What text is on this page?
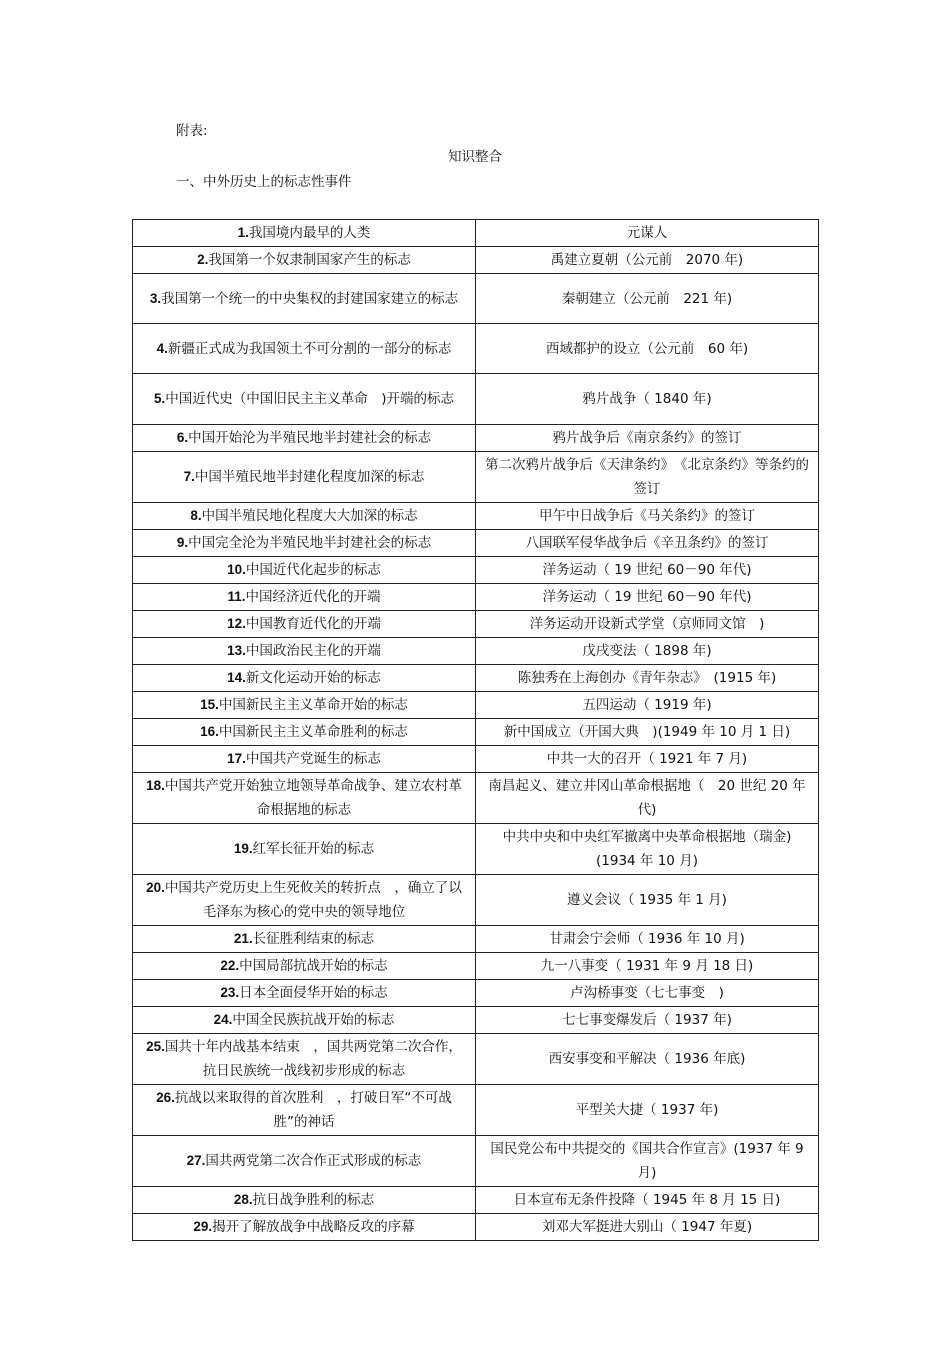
附表:
知识整合
一、中外历史上的标志性事件
1.我国境内最早的人类	元谋人
2.我国第一个奴隶制国家产生的标志	禹建立夏朝（公元前　2070 年)
3.我国第一个统一的中央集权的封建国家建立的标志	秦朝建立（公元前　221 年)
4.新疆正式成为我国领土不可分割的一部分的标志	西域都护的设立（公元前　60 年)
5.中国近代史（中国旧民主主义革命　)开端的标志	鸦片战争（ 1840 年)
6.中国开始沦为半殖民地半封建社会的标志	鸦片战争后《南京条约》的签订
7.中国半殖民地半封建化程度加深的标志	第二次鸦片战争后《天津条约》　《北京条约》等条约的签订
8.中国半殖民地化程度大大加深的标志	甲午中日战争后《马关条约》的签订
9.中国完全沦为半殖民地半封建社会的标志	八国联军侵华战争后《辛丑条约》的签订
10.中国近代化起步的标志	洋务运动（ 19 世纪 60－90 年代)
11.中国经济近代化的开端	洋务运动（ 19 世纪 60－90 年代)
12.中国教育近代化的开端	洋务运动开设新式学堂（京师同文馆　)
13.中国政治民主化的开端	戊戌变法（ 1898 年)
14.新文化运动开始的标志	陈独秀在上海创办《青年杂志》　(1915 年)
15.中国新民主主义革命开始的标志	五四运动（ 1919 年)
16.中国新民主主义革命胜利的标志	新中国成立（开国大典　)(1949 年 10 月 1 日)
17.中国共产党诞生的标志	中共一大的召开（ 1921 年 7 月)
18.中国共产党开始独立地领导革命战争、建立农村革命根据地的标志	南昌起义、建立井冈山革命根据地（　20 世纪 20 年代)
19.红军长征开始的标志	中共中央和中央红军撤离中央革命根据地（瑞金)(1934 年 10 月)
20.中国共产党历史上生死攸关的转折点　，确立了以毛泽东为核心的党中央的领导地位	遵义会议（ 1935 年 1 月)
21.长征胜利结束的标志	甘肃会宁会师（ 1936 年 10 月)
22.中国局部抗战开始的标志	九一八事变（ 1931 年 9 月 18 日)
23.日本全面侵华开始的标志	卢沟桥事变（七七事变　)
24.中国全民族抗战开始的标志	七七事变爆发后（ 1937 年)
25.国共十年内战基本结束　，国共两党第二次合作，抗日民族统一战线初步形成的标志	西安事变和平解决（ 1936 年底)
26.抗战以来取得的首次胜利　，打破日军“不可战胜”的神话	平型关大捷（ 1937 年)
27.国共两党第二次合作正式形成的标志	国民党公布中共提交的《国共合作宣言》(1937 年 9 月)
28.抗日战争胜利的标志	日本宣布无条件投降（ 1945 年 8 月 15 日)
29.揭开了解放战争中战略反攻的序幕	刘邓大军挺进大别山（ 1947 年夏)
